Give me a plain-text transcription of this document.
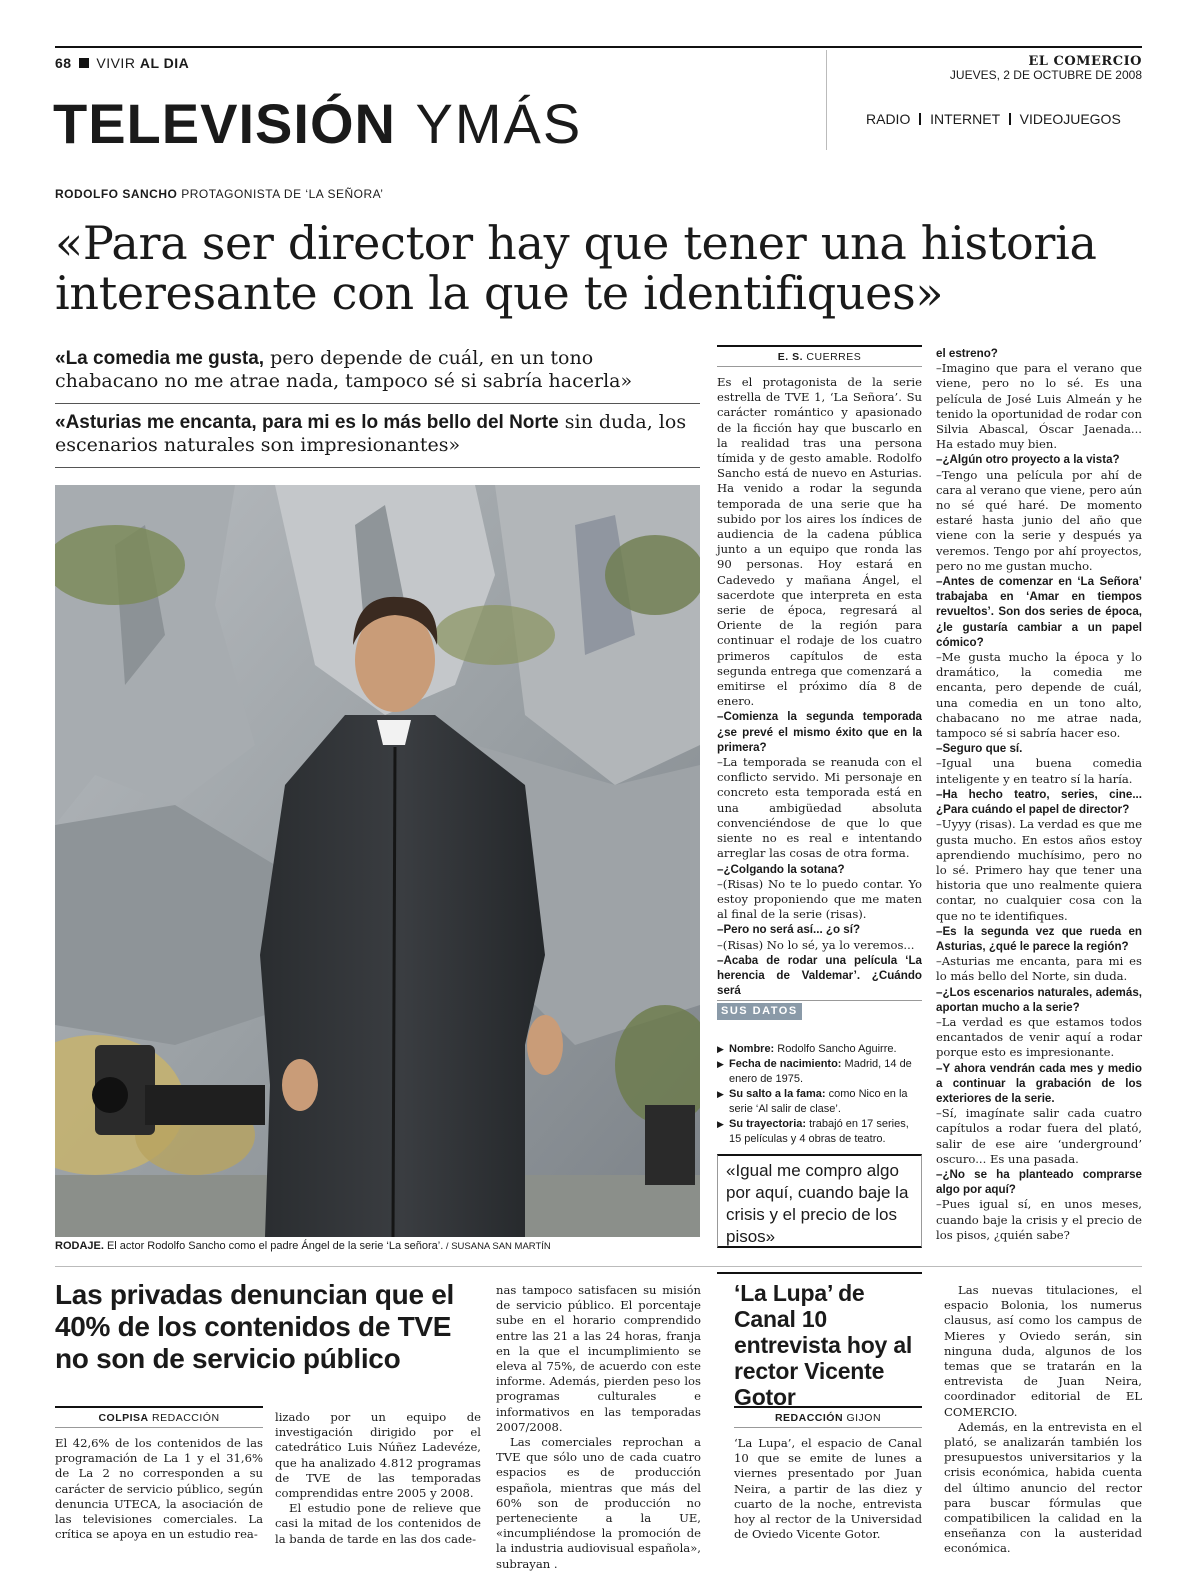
68 VIVIR AL DIA	EL COMERCIO
JUEVES, 2 DE OCTUBRE DE 2008
TELEVISIÓN YMÁS	RADIO INTERNET VIDEOJUEGOS
RODOLFO SANCHO PROTAGONISTA DE ‘LA SEÑORA’
«Para ser director hay que tener una historia interesante con la que te identifiques»
«La comedia me gusta, pero depende de cuál, en un tono chabacano no me atrae nada, tampoco sé si sabría hacerla»
«Asturias me encanta, para mi es lo más bello del Norte sin duda, los escenarios naturales son impresionantes»
RODAJE. El actor Rodolfo Sancho como el padre Ángel de la serie ‘La señora’. / SUSANA SAN MARTÍN
E. S. CUERRES

Es el protagonista de la serie estrella de TVE 1, ‘La Señora’. Su carácter romántico y apasionado de la ficción hay que buscarlo en la realidad tras una persona tímida y de gesto amable. Rodolfo Sancho está de nuevo en Asturias. Ha venido a rodar la segunda temporada de una serie que ha subido por los aires los índices de audiencia de la cadena pública junto a un equipo que ronda las 90 personas. Hoy estará en Cadevedo y mañana Ángel, el sacerdote que interpreta en esta serie de época, regresará al Oriente de la región para continuar el rodaje de los cuatro primeros capítulos de esta segunda entrega que comenzará a emitirse el próximo día 8 de enero.

–Comienza la segunda temporada ¿se prevé el mismo éxito que en la primera?

–La temporada se reanuda con el conflicto servido. Mi personaje en concreto esta temporada está en una ambigüedad absoluta convenciéndose de que lo que siente no es real e intentando arreglar las cosas de otra forma.

–¿Colgando la sotana?

–(Risas) No te lo puedo contar. Yo estoy proponiendo que me maten al final de la serie (risas).

–Pero no será así... ¿o sí?

–(Risas) No lo sé, ya lo veremos...

–Acaba de rodar una película ‘La herencia de Valdemar’. ¿Cuándo será

SUS DATOS
▶ Nombre: Rodolfo Sancho Aguirre.
▶ Fecha de nacimiento: Madrid, 14 de enero de 1975.
▶ Su salto a la fama: como Nico en la serie ‘Al salir de clase’.
▶ Su trayectoria: trabajó en 17 series, 15 películas y 4 obras de teatro.
«Igual me compro algo por aquí, cuando baje la crisis y el precio de los pisos»

el estreno?

–Imagino que para el verano que viene, pero no lo sé. Es una película de José Luis Almeán y he tenido la oportunidad de rodar con Silvia Abascal, Óscar Jaenada... Ha estado muy bien.

–¿Algún otro proyecto a la vista?

–Tengo una película por ahí de cara al verano que viene, pero aún no sé qué haré. De momento estaré hasta junio del año que viene con la serie y después ya veremos. Tengo por ahí proyectos, pero no me gustan mucho.

–Antes de comenzar en ‘La Señora’ trabajaba en ‘Amar en tiempos revueltos’. Son dos series de época, ¿le gustaría cambiar a un papel cómico?

–Me gusta mucho la época y lo dramático, la comedia me encanta, pero depende de cuál, una comedia en un tono alto, chabacano no me atrae nada, tampoco sé si sabría hacer eso.

–Seguro que sí.

–Igual una buena comedia inteligente y en teatro sí la haría.

–Ha hecho teatro, series, cine... ¿Para cuándo el papel de director?

–Uyyy (risas). La verdad es que me gusta mucho. En estos años estoy aprendiendo muchísimo, pero no lo sé. Primero hay que tener una historia que uno realmente quiera contar, no cualquier cosa con la que no te identifiques.

–Es la segunda vez que rueda en Asturias, ¿qué le parece la región?

–Asturias me encanta, para mi es lo más bello del Norte, sin duda.

–¿Los escenarios naturales, además, aportan mucho a la serie?

–La verdad es que estamos todos encantados de venir aquí a rodar porque esto es impresionante.

–Y ahora vendrán cada mes y medio a continuar la grabación de los exteriores de la serie.

–Sí, imagínate salir cada cuatro capítulos a rodar fuera del plató, salir de ese aire ‘underground’ oscuro... Es una pasada.

–¿No se ha planteado comprarse algo por aquí?

–Pues igual sí, en unos meses, cuando baje la crisis y el precio de los pisos, ¿quién sabe?

Las privadas denuncian que el 40% de los contenidos de TVE no son de servicio público
COLPISA REDACCIÓN

El 42,6% de los contenidos de las programación de La 1 y el 31,6% de La 2 no corresponden a su carácter de servicio público, según denuncia UTECA, la asociación de las televisiones comerciales. La crítica se apoya en un estudio rea-

lizado por un equipo de investigación dirigido por el catedrático Luis Núñez Ladevéze, que ha analizado 4.812 programas de TVE de las temporadas comprendidas entre 2005 y 2008.

El estudio pone de relieve que casi la mitad de los contenidos de la banda de tarde en las dos cade-

nas tampoco satisfacen su misión de servicio público. El porcentaje sube en el horario comprendido entre las 21 a las 24 horas, franja en la que el incumplimiento se eleva al 75%, de acuerdo con este informe. Además, pierden peso los programas culturales e informativos en las temporadas 2007/2008.

Las comerciales reprochan a TVE que sólo uno de cada cuatro espacios es de producción española, mientras que más del 60% son de producción no perteneciente a la UE, «incumpliéndose la promoción de la industria audiovisual española», subrayan .

‘La Lupa’ de Canal 10 entrevista hoy al rector Vicente Gotor
REDACCIÓN GIJON

‘La Lupa’, el espacio de Canal 10 que se emite de lunes a viernes presentado por Juan Neira, a partir de las diez y cuarto de la noche, entrevista hoy al rector de la Universidad de Oviedo Vicente Gotor.

Las nuevas titulaciones, el espacio Bolonia, los numerus clausus, así como los campus de Mieres y Oviedo serán, sin ninguna duda, algunos de los temas que se tratarán en la entrevista de Juan Neira, coordinador editorial de EL COMERCIO.

Además, en la entrevista en el plató, se analizarán también los presupuestos universitarios y la crisis económica, habida cuenta del último anuncio del rector para buscar fórmulas que compatibilicen la calidad en la enseñanza con la austeridad económica.
